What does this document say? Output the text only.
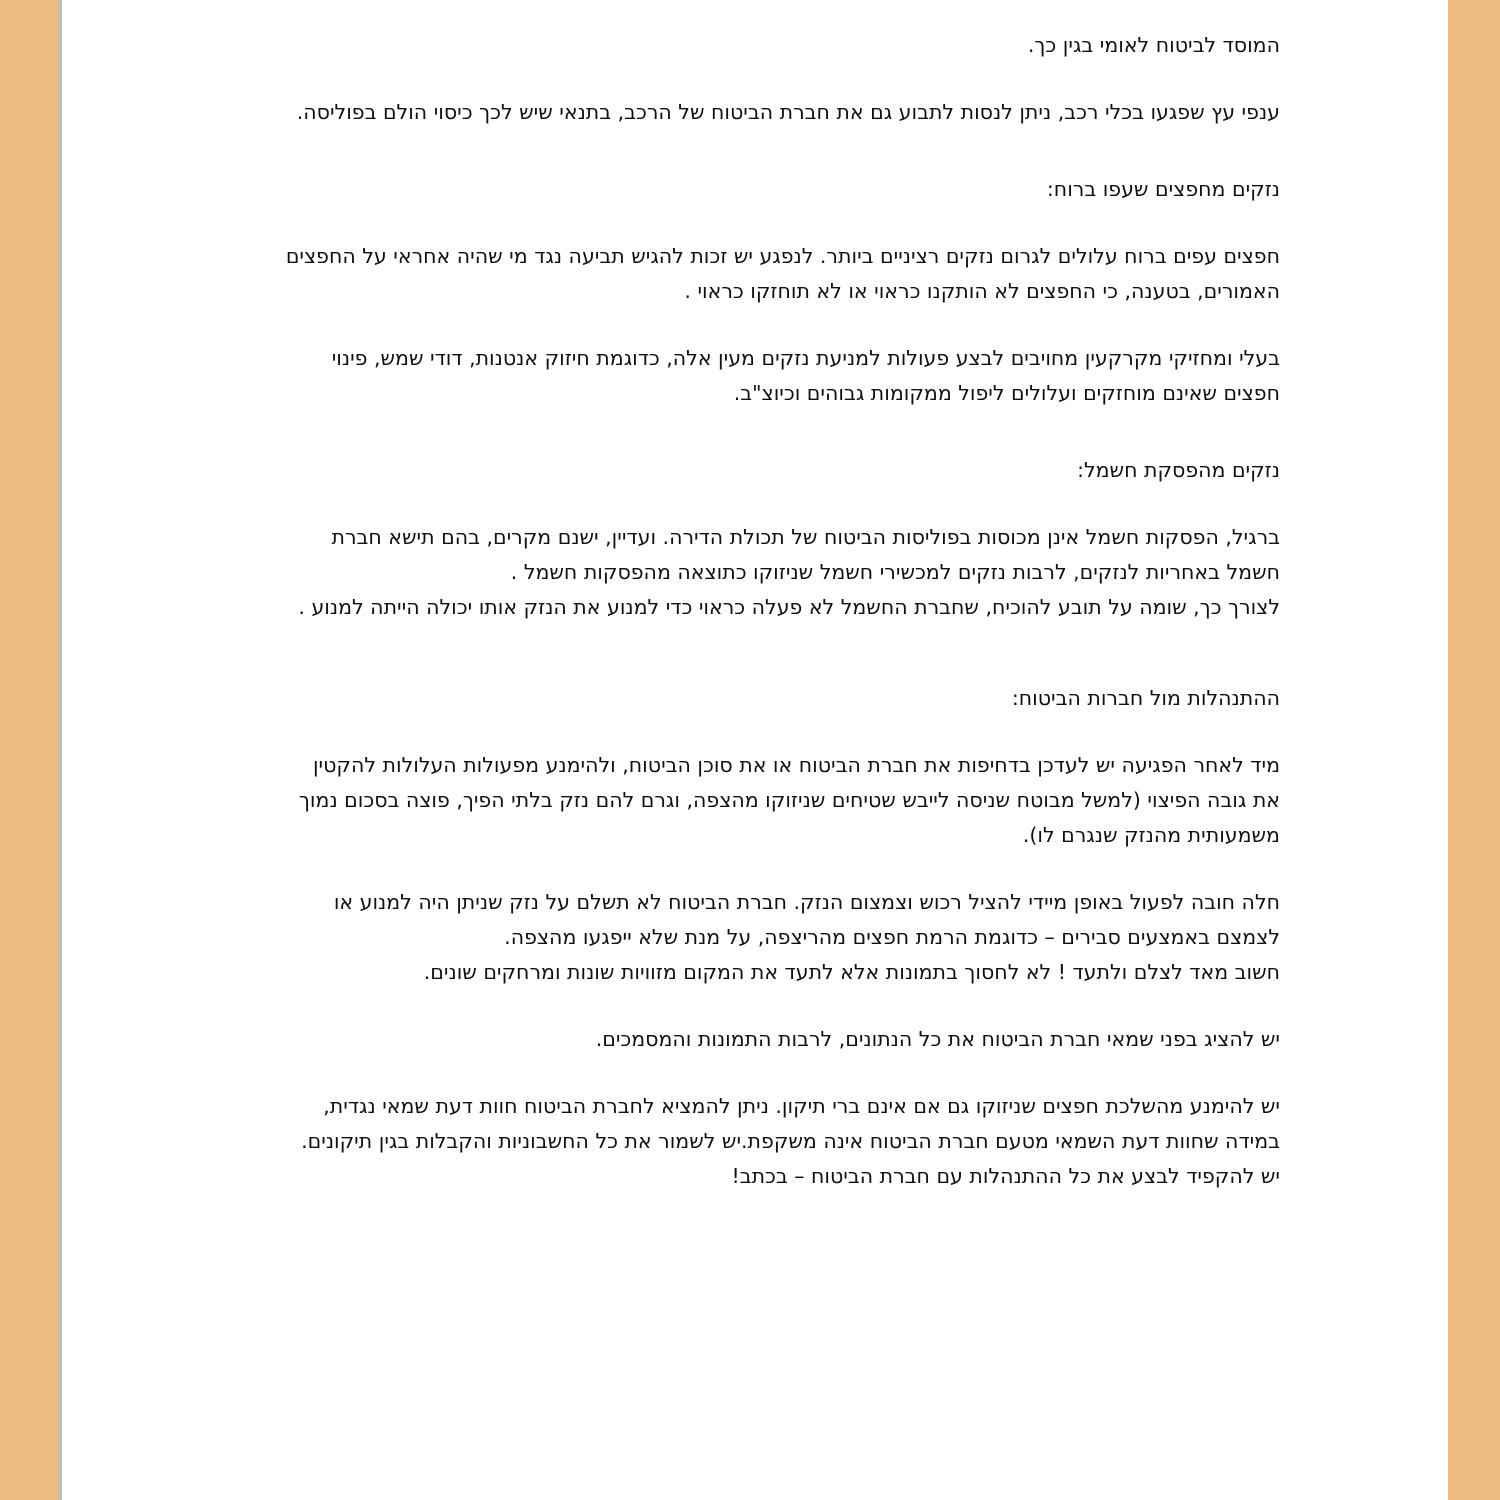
המוסד לביטוח לאומי בגין כך.

ענפי עץ שפגעו בכלי רכב, ניתן לנסות לתבוע גם את חברת הביטוח של הרכב, בתנאי שיש לכך כיסוי הולם בפוליסה.

נזקים מחפצים שעפו ברוח:

חפצים עפים ברוח עלולים לגרום נזקים רציניים ביותר. לנפגע יש זכות להגיש תביעה נגד מי שהיה אחראי על החפצים האמורים, בטענה, כי החפצים לא הותקנו כראוי או לא תוחזקו כראוי .

בעלי ומחזיקי מקרקעין מחויבים לבצע פעולות למניעת נזקים מעין אלה, כדוגמת חיזוק אנטנות, דודי שמש, פינוי חפצים שאינם מוחזקים ועלולים ליפול ממקומות גבוהים וכיוצ"ב.

נזקים מהפסקת חשמל:

ברגיל, הפסקות חשמל אינן מכוסות בפוליסות הביטוח של תכולת הדירה. ועדיין, ישנם מקרים, בהם תישא חברת חשמל באחריות לנזקים, לרבות נזקים למכשירי חשמל שניזוקו כתוצאה מהפסקות חשמל .

לצורך כך, שומה על תובע להוכיח, שחברת החשמל לא פעלה כראוי כדי למנוע את הנזק אותו יכולה הייתה למנוע .

ההתנהלות מול חברות הביטוח:

מיד לאחר הפגיעה יש לעדכן בדחיפות את חברת הביטוח או את סוכן הביטוח, ולהימנע מפעולות העלולות להקטין את גובה הפיצוי (למשל מבוטח שניסה לייבש שטיחים שניזוקו מהצפה, וגרם להם נזק בלתי הפיך, פוצה בסכום נמוך משמעותית מהנזק שנגרם לו).

חלה חובה לפעול באופן מיידי להציל רכוש וצמצום הנזק. חברת הביטוח לא תשלם על נזק שניתן היה למנוע או לצמצם באמצעים סבירים – כדוגמת הרמת חפצים מהריצפה, על מנת שלא ייפגעו מהצפה.

חשוב מאד לצלם ולתעד ! לא לחסוך בתמונות אלא לתעד את המקום מזוויות שונות ומרחקים שונים.

יש להציג בפני שמאי חברת הביטוח את כל הנתונים, לרבות התמונות והמסמכים.

יש להימנע מהשלכת חפצים שניזוקו גם אם אינם ברי תיקון. ניתן להמציא לחברת הביטוח חוות דעת שמאי נגדית, במידה שחוות דעת השמאי מטעם חברת הביטוח אינה משקפת.יש לשמור את כל החשבוניות והקבלות בגין תיקונים. יש להקפיד לבצע את כל ההתנהלות עם חברת הביטוח – בכתב!
